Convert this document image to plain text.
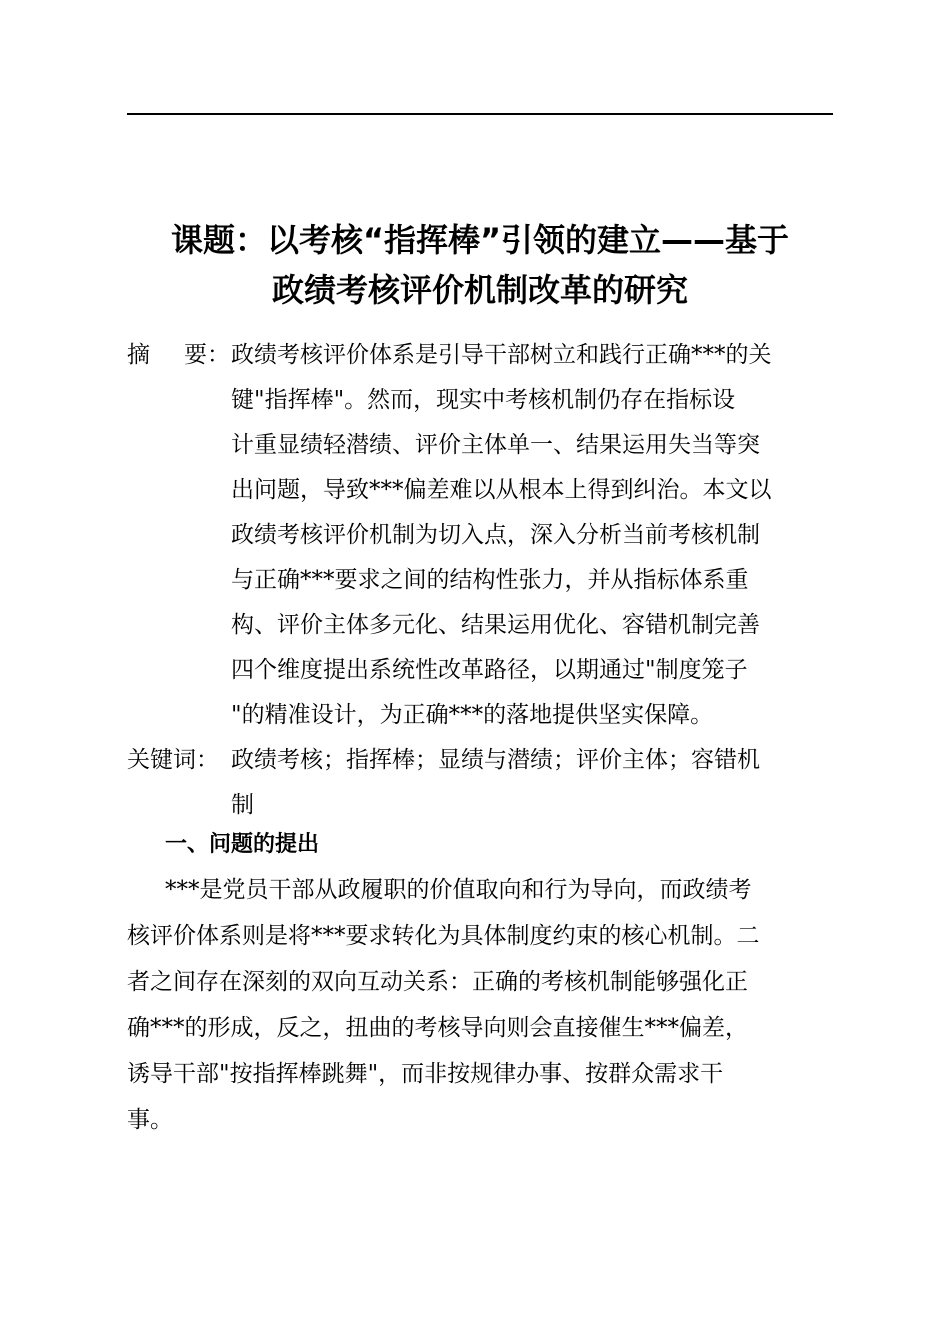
课题：以考核“指挥棒”引领的建立——基于
政绩考核评价机制改革的研究
摘 要： 政绩考核评价体系是引导干部树立和践行正确***的关
键"指挥棒"。然而，现实中考核机制仍存在指标设
计重显绩轻潜绩、评价主体单一、结果运用失当等突
出问题，导致***偏差难以从根本上得到纠治。本文以
政绩考核评价机制为切入点，深入分析当前考核机制
与正确***要求之间的结构性张力，并从指标体系重
构、评价主体多元化、结果运用优化、容错机制完善
四个维度提出系统性改革路径，以期通过"制度笼子
"的精准设计，为正确***的落地提供坚实保障。
关键词： 政绩考核；指挥棒；显绩与潜绩；评价主体；容错机
制
一、问题的提出

***是党员干部从政履职的价值取向和行为导向，而政绩考
核评价体系则是将***要求转化为具体制度约束的核心机制。二
者之间存在深刻的双向互动关系：正确的考核机制能够强化正
确***的形成，反之，扭曲的考核导向则会直接催生***偏差，
诱导干部"按指挥棒跳舞"，而非按规律办事、按群众需求干
事。
